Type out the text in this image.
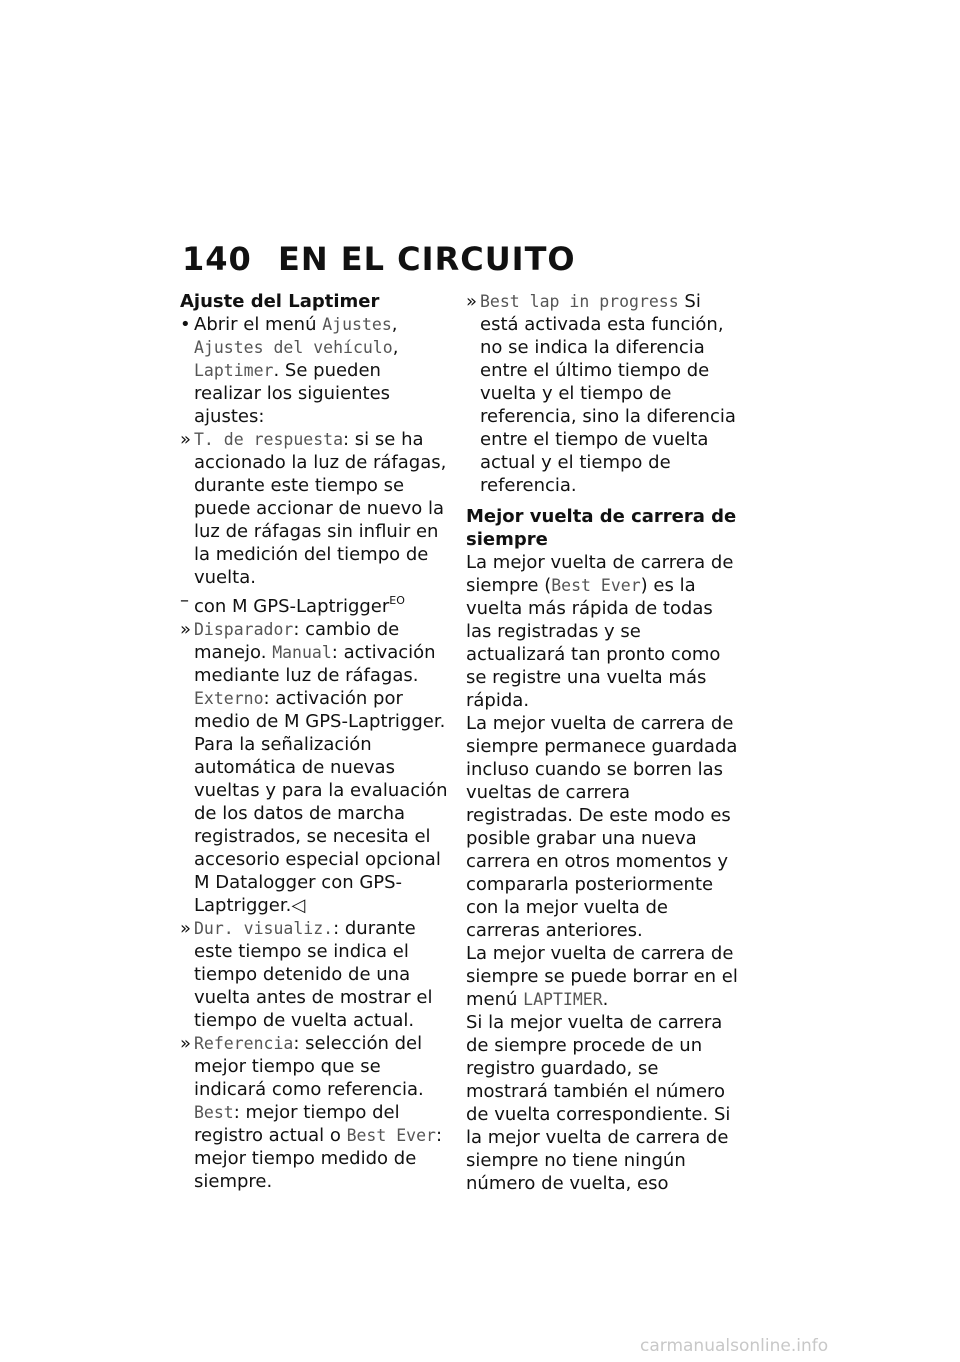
140 EN EL CIRCUITO
Ajuste del Laptimer
• Abrir el menú Ajustes, Ajustes del vehículo, Laptimer. Se pueden realizar los siguientes ajustes:
» T. de respuesta: si se ha accionado la luz de ráfagas, durante este tiempo se puede accionar de nuevo la luz de ráfagas sin influir en la medición del tiempo de vuelta.
– con M GPS-Laptrigger$^{EO}$
» Disparador: cambio de manejo. Manual: activación mediante luz de ráfagas. Externo: activación por medio de M GPS-Laptrigger. Para la señalización automática de nuevas vueltas y para la evaluación de los datos de marcha registrados, se necesita el accesorio especial opcional M Datalogger con GPS-Laptrigger.◁
» Dur. visualiz.: durante este tiempo se indica el tiempo detenido de una vuelta antes de mostrar el tiempo de vuelta actual.
» Referencia: selección del mejor tiempo que se indicará como referencia. Best: mejor tiempo del registro actual o Best Ever: mejor tiempo medido de siempre.
» Best lap in progress Si está activada esta función, no se indica la diferencia entre el último tiempo de vuelta y el tiempo de referencia, sino la diferencia entre el tiempo de vuelta actual y el tiempo de referencia.
Mejor vuelta de carrera de siempre
La mejor vuelta de carrera de siempre (Best Ever) es la vuelta más rápida de todas las registradas y se actualizará tan pronto como se registre una vuelta más rápida.
La mejor vuelta de carrera de siempre permanece guardada incluso cuando se borren las vueltas de carrera registradas. De este modo es posible grabar una nueva carrera en otros momentos y compararla posteriormente con la mejor vuelta de carreras anteriores.
La mejor vuelta de carrera de siempre se puede borrar en el menú LAPTIMER.
Si la mejor vuelta de carrera de siempre procede de un registro guardado, se mostrará también el número de vuelta correspondiente. Si la mejor vuelta de carrera de siempre no tiene ningún número de vuelta, eso
carmanualsonline.info
